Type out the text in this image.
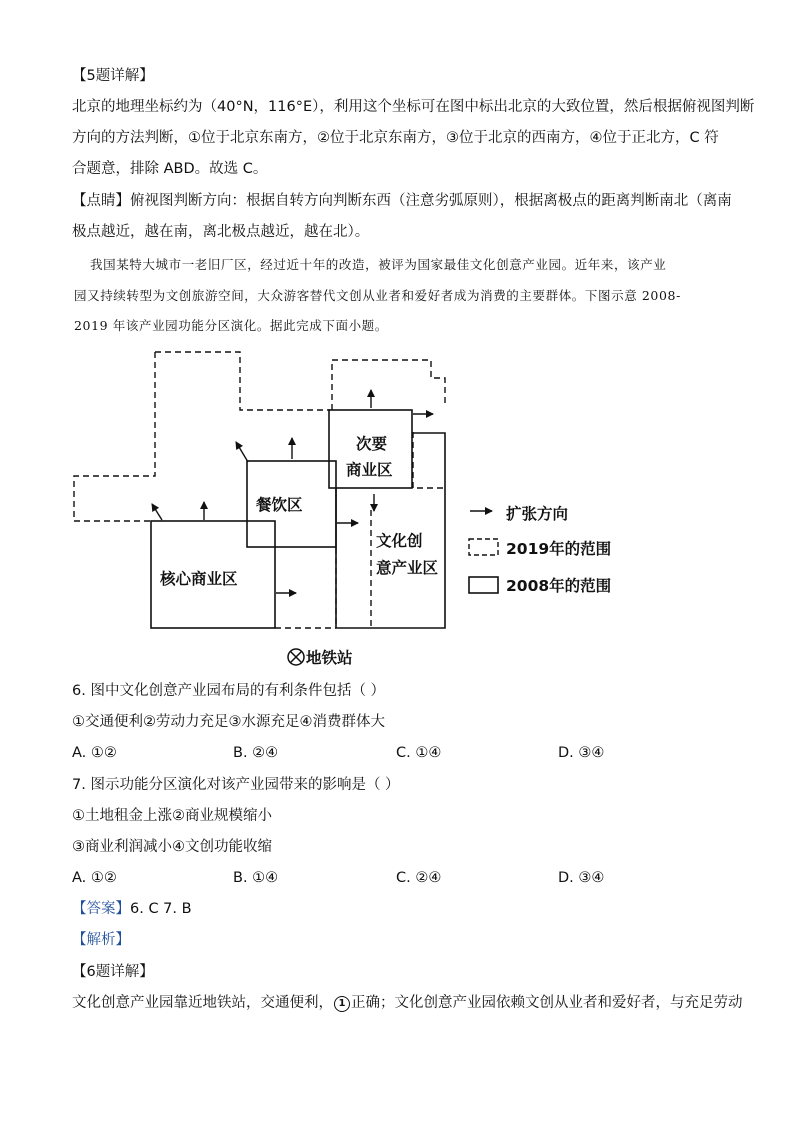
【5题详解】
北京的地理坐标约为（40°N，116°E），利用这个坐标可在图中标出北京的大致位置，然后根据俯视图判断
方向的方法判断，①位于北京东南方，②位于北京东南方，③位于北京的西南方，④位于正北方，C 符
合题意，排除 ABD。故选 C。
【点睛】俯视图判断方向：根据自转方向判断东西（注意劣弧原则），根据离极点的距离判断南北（离南
极点越近，越在南，离北极点越近，越在北）。
我国某特大城市一老旧厂区，经过近十年的改造，被评为国家最佳文化创意产业园。近年来，该产业
园又持续转型为文创旅游空间，大众游客替代文创从业者和爱好者成为消费的主要群体。下图示意 2008-
2019 年该产业园功能分区演化。据此完成下面小题。
餐饮区
次要
商业区
核心商业区
文化创
意产业区
地铁站
扩张方向
2019年的范围
2008年的范围
6. 图中文化创意产业园布局的有利条件包括（ ）
①交通便利②劳动力充足③水源充足④消费群体大
A. ①②	B. ②④	C. ①④	D. ③④
7. 图示功能分区演化对该产业园带来的影响是（ ）
①土地租金上涨②商业规模缩小
③商业利润减小④文创功能收缩
A. ①②	B. ①④	C. ②④	D. ③④
【答案】6. C 7. B
【解析】
【6题详解】
文化创意产业园靠近地铁站，交通便利， 1 正确；文化创意产业园依赖文创从业者和爱好者，与充足劳动
